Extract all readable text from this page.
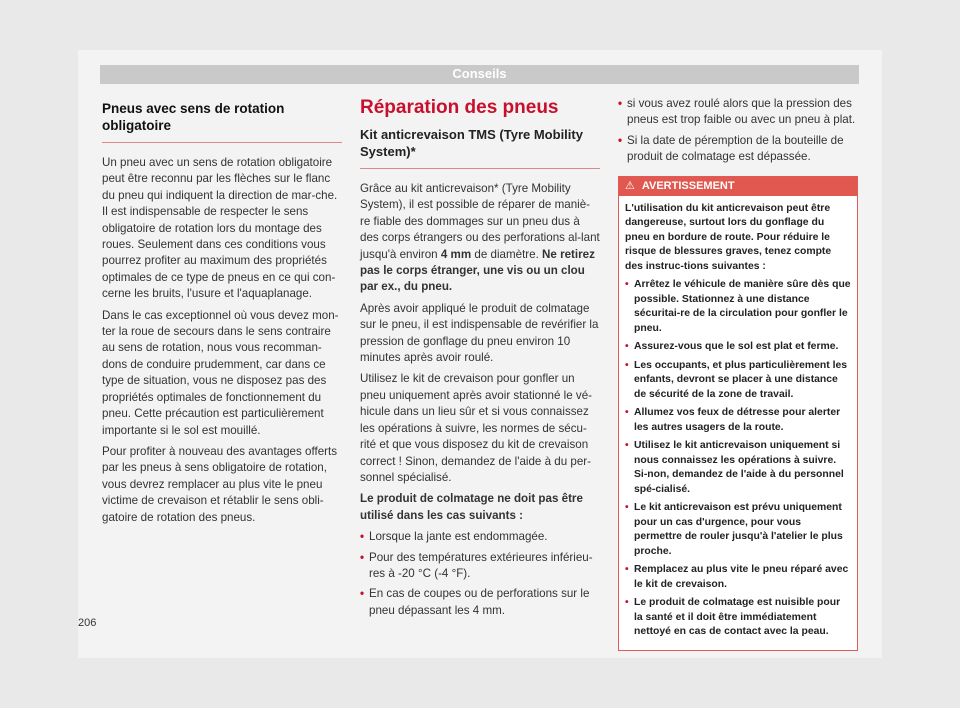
Conseils
Pneus avec sens de rotation obligatoire

Un pneu avec un sens de rotation obligatoire peut être reconnu par les flèches sur le flanc du pneu qui indiquent la direction de mar-che. Il est indispensable de respecter le sens obligatoire de rotation lors du montage des roues. Seulement dans ces conditions vous pourrez profiter au maximum des propriétés optimales de ce type de pneus en ce qui con-cerne les bruits, l'usure et l'aquaplanage.

Dans le cas exceptionnel où vous devez mon-ter la roue de secours dans le sens contraire au sens de rotation, nous vous recomman-dons de conduire prudemment, car dans ce type de situation, vous ne disposez pas des propriétés optimales de fonctionnement du pneu. Cette précaution est particulièrement importante si le sol est mouillé.

Pour profiter à nouveau des avantages offerts par les pneus à sens obligatoire de rotation, vous devrez remplacer au plus vite le pneu victime de crevaison et rétablir le sens obli-gatoire de rotation des pneus.

Réparation des pneus
Kit anticrevaison TMS (Tyre Mobility System)*

Grâce au kit anticrevaison* (Tyre Mobility System), il est possible de réparer de maniè-re fiable des dommages sur un pneu dus à des corps étrangers ou des perforations al-lant jusqu'à environ 4 mm de diamètre. Ne retirez pas le corps étranger, une vis ou un clou par ex., du pneu.

Après avoir appliqué le produit de colmatage sur le pneu, il est indispensable de revérifier la pression de gonflage du pneu environ 10 minutes après avoir roulé.

Utilisez le kit de crevaison pour gonfler un pneu uniquement après avoir stationné le vé-hicule dans un lieu sûr et si vous connaissez les opérations à suivre, les normes de sécu-rité et que vous disposez du kit de crevaison correct ! Sinon, demandez de l'aide à du per-sonnel spécialisé.

Le produit de colmatage ne doit pas être utilisé dans les cas suivants :

• Lorsque la jante est endommagée.
• Pour des températures extérieures inférieu-res à -20 °C (-4 °F).
• En cas de coupes ou de perforations sur le pneu dépassant les 4 mm.
• si vous avez roulé alors que la pression des pneus est trop faible ou avec un pneu à plat.
• Si la date de péremption de la bouteille de produit de colmatage est dépassée.
⚠ AVERTISSEMENT

L'utilisation du kit anticrevaison peut être dangereuse, surtout lors du gonflage du pneu en bordure de route. Pour réduire le risque de blessures graves, tenez compte des instruc-tions suivantes :

• Arrêtez le véhicule de manière sûre dès que possible. Stationnez à une distance sécuritai-re de la circulation pour gonfler le pneu.
• Assurez-vous que le sol est plat et ferme.
• Les occupants, et plus particulièrement les enfants, devront se placer à une distance de sécurité de la zone de travail.
• Allumez vos feux de détresse pour alerter les autres usagers de la route.
• Utilisez le kit anticrevaison uniquement si nous connaissez les opérations à suivre. Si-non, demandez de l'aide à du personnel spé-cialisé.
• Le kit anticrevaison est prévu uniquement pour un cas d'urgence, pour vous permettre de rouler jusqu'à l'atelier le plus proche.
• Remplacez au plus vite le pneu réparé avec le kit de crevaison.
• Le produit de colmatage est nuisible pour la santé et il doit être immédiatement nettoyé en cas de contact avec la peau.
206
